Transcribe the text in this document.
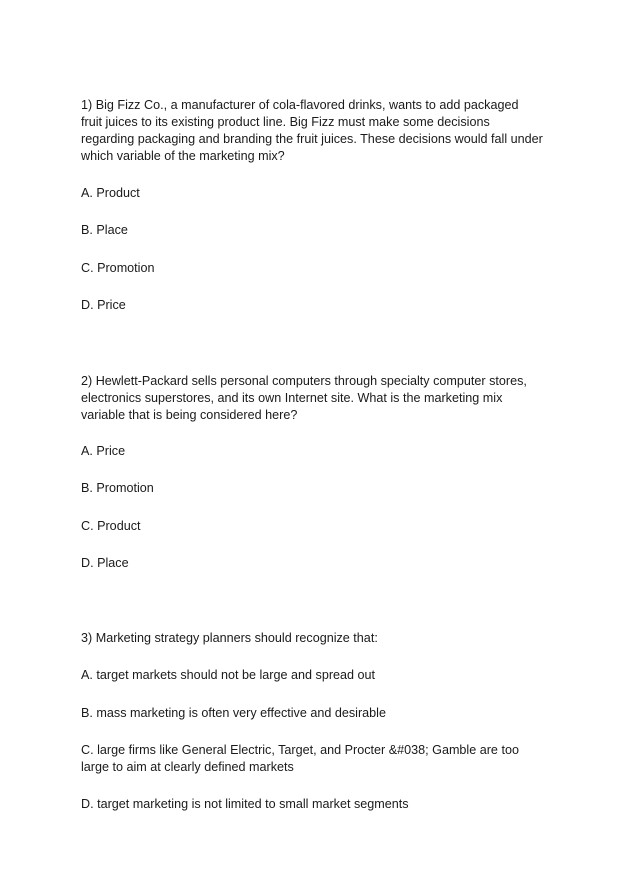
1) Big Fizz Co., a manufacturer of cola-flavored drinks, wants to add packaged
fruit juices to its existing product line. Big Fizz must make some decisions
regarding packaging and branding the fruit juices. These decisions would fall under
which variable of the marketing mix?
A. Product
B. Place
C. Promotion
D. Price
2) Hewlett-Packard sells personal computers through specialty computer stores,
electronics superstores, and its own Internet site. What is the marketing mix
variable that is being considered here?
A. Price
B. Promotion
C. Product
D. Place
3) Marketing strategy planners should recognize that:
A. target markets should not be large and spread out
B. mass marketing is often very effective and desirable
C. large firms like General Electric, Target, and Procter &#038; Gamble are too
large to aim at clearly defined markets
D. target marketing is not limited to small market segments
